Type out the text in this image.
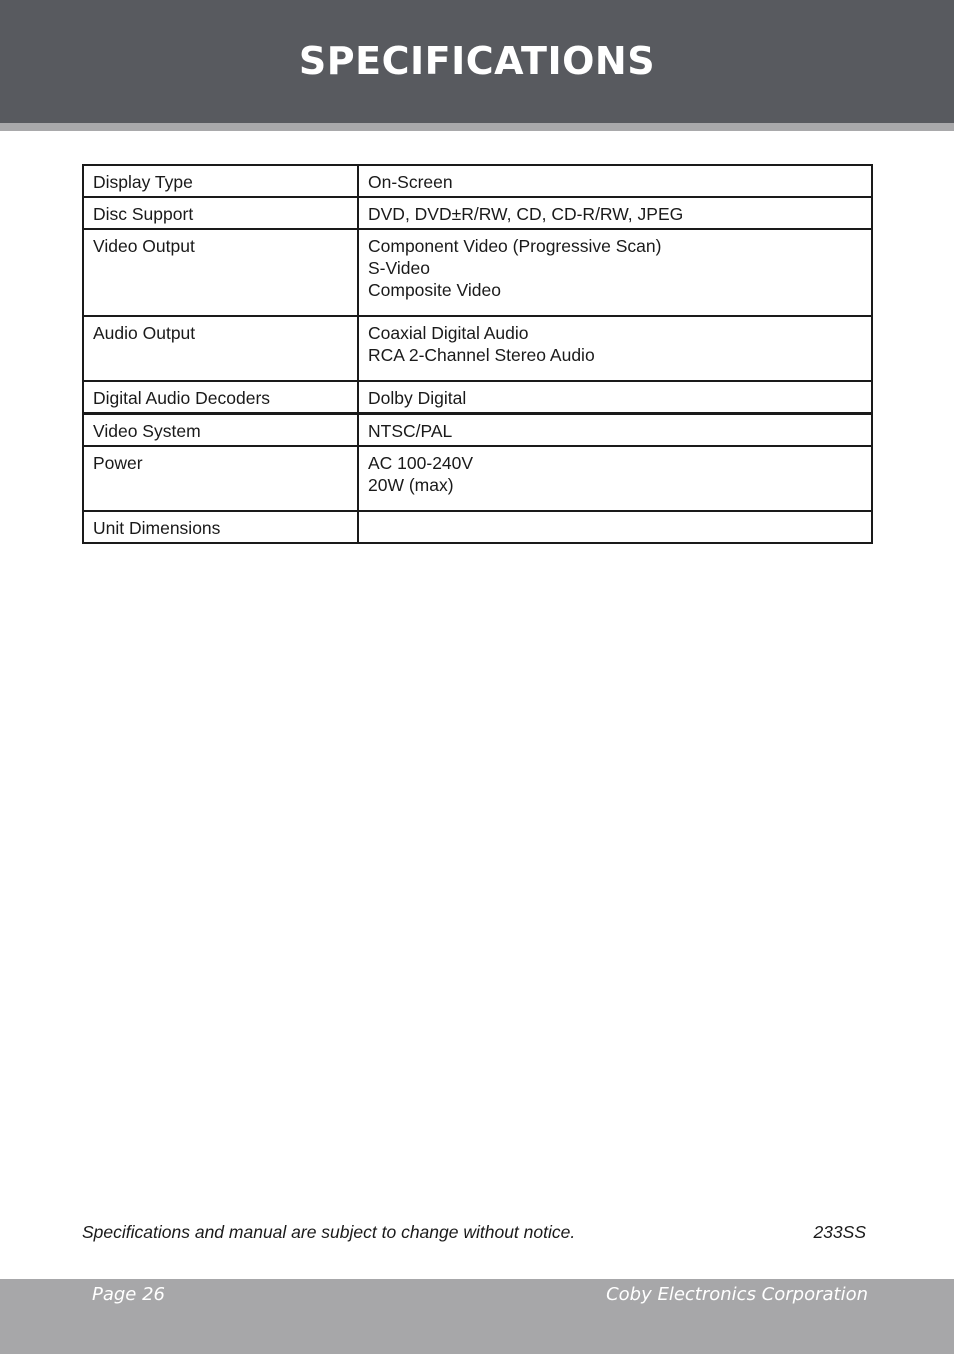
SPECIFICATIONS
Display Type	On-Screen

Disc Support	DVD, DVD±R/RW, CD, CD-R/RW, JPEG

Video Output	Component Video (Progressive Scan)
S-Video
Composite Video

Audio Output	Coaxial Digital Audio
RCA 2-Channel Stereo Audio

Digital Audio Decoders	Dolby Digital

Video System	NTSC/PAL

Power	AC 100-240V
20W (max)

Unit Dimensions	

Specifications and manual are subject to change without notice.	233SS
Page 26	Coby Electronics Corporation
